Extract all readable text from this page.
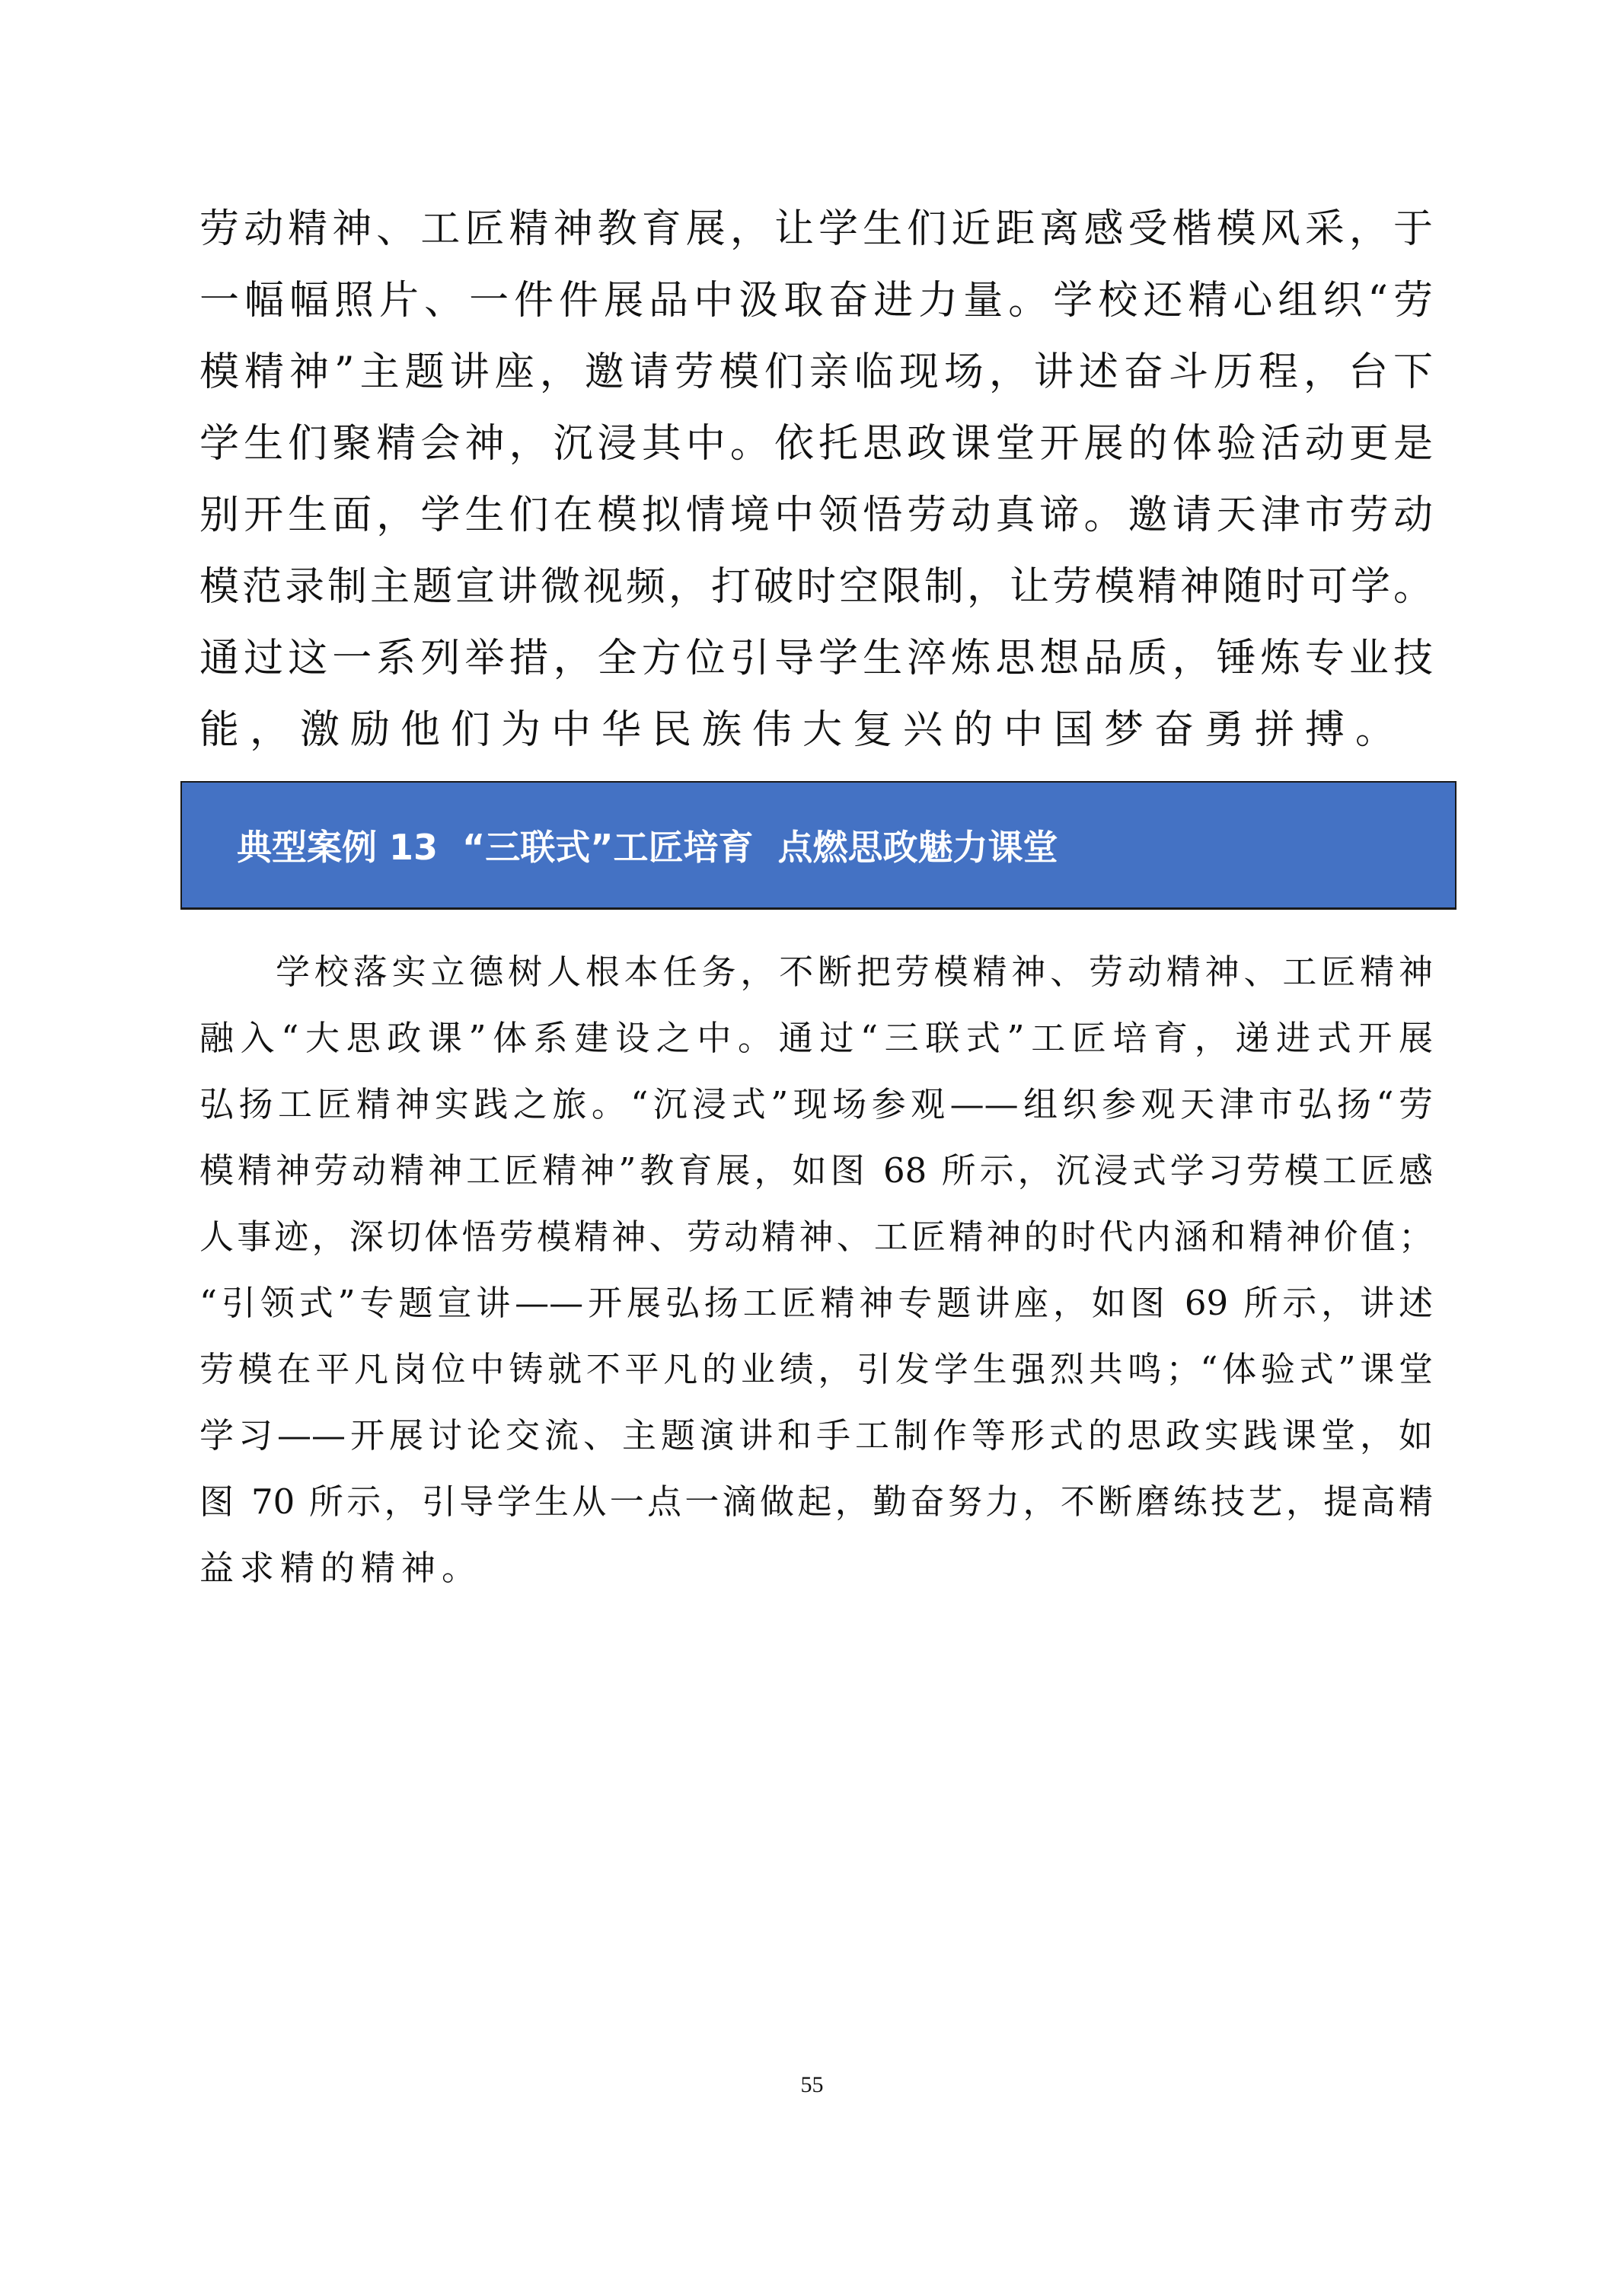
劳动精神、工匠精神教育展，让学生们近距离感受楷模风采，于
一幅幅照片、一件件展品中汲取奋进力量。学校还精心组织“劳
模精神”主题讲座，邀请劳模们亲临现场，讲述奋斗历程，台下
学生们聚精会神，沉浸其中。依托思政课堂开展的体验活动更是
别开生面，学生们在模拟情境中领悟劳动真谛。邀请天津市劳动
模范录制主题宣讲微视频，打破时空限制，让劳模精神随时可学。
通过这一系列举措，全方位引导学生淬炼思想品质，锤炼专业技
能，激励他们为中华民族伟大复兴的中国梦奋勇拼搏。
典型案例 13  “三联式”工匠培育  点燃思政魅力课堂
学校落实立德树人根本任务，不断把劳模精神、劳动精神、工匠精神
融入“大思政课”体系建设之中。通过“三联式”工匠培育，递进式开展
弘扬工匠精神实践之旅。“沉浸式”现场参观——组织参观天津市弘扬“劳
模精神劳动精神工匠精神”教育展，如图 68 所示，沉浸式学习劳模工匠感
人事迹，深切体悟劳模精神、劳动精神、工匠精神的时代内涵和精神价值；
“引领式”专题宣讲——开展弘扬工匠精神专题讲座，如图 69 所示，讲述
劳模在平凡岗位中铸就不平凡的业绩，引发学生强烈共鸣；“体验式”课堂
学习——开展讨论交流、主题演讲和手工制作等形式的思政实践课堂，如
图 70 所示，引导学生从一点一滴做起，勤奋努力，不断磨练技艺，提高精
益求精的精神。
55
